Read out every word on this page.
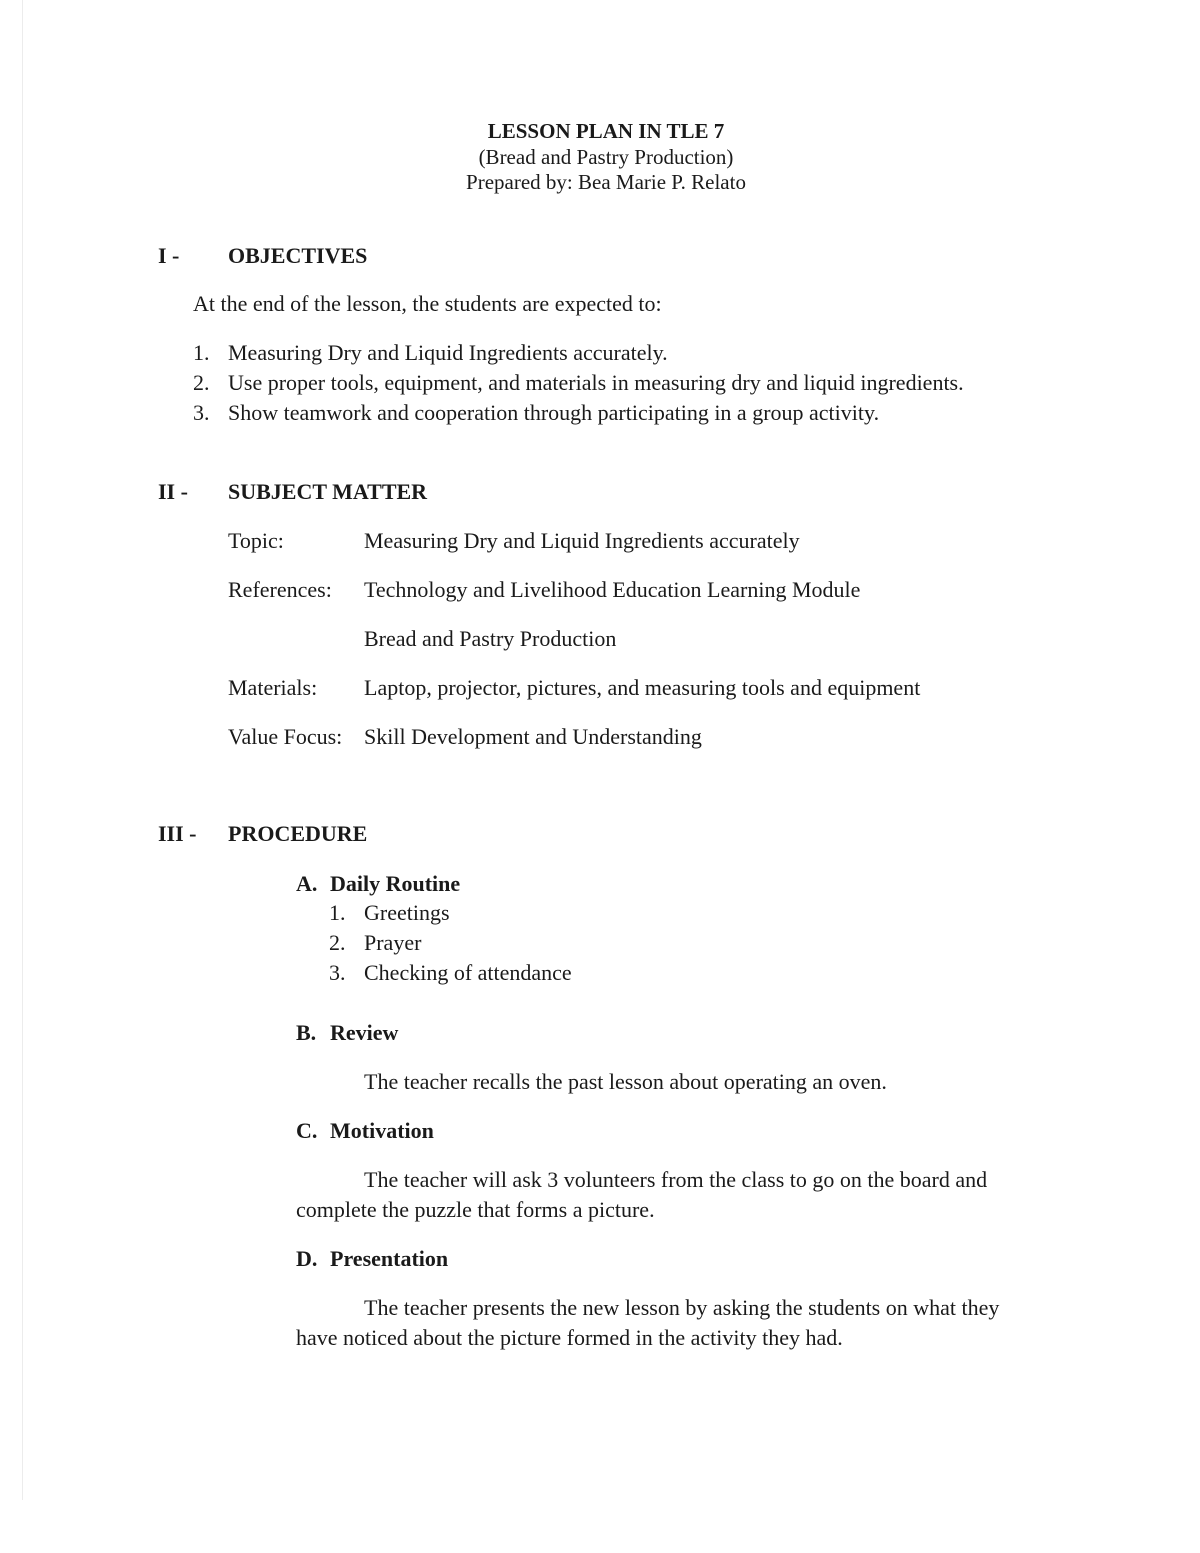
LESSON PLAN IN TLE 7
(Bread and Pastry Production)
Prepared by: Bea Marie P. Relato
I - OBJECTIVES
At the end of the lesson, the students are expected to:
1. Measuring Dry and Liquid Ingredients accurately.
2. Use proper tools, equipment, and materials in measuring dry and liquid ingredients.
3. Show teamwork and cooperation through participating in a group activity.
II - SUBJECT MATTER
Topic:	Measuring Dry and Liquid Ingredients accurately
References: Technology and Livelihood Education Learning Module
Bread and Pastry Production
Materials: Laptop, projector, pictures, and measuring tools and equipment
Value Focus: Skill Development and Understanding
III - PROCEDURE
A. Daily Routine
1. Greetings
2. Prayer
3. Checking of attendance
B. Review
The teacher recalls the past lesson about operating an oven.
C. Motivation
The teacher will ask 3 volunteers from the class to go on the board and
complete the puzzle that forms a picture.
D. Presentation
The teacher presents the new lesson by asking the students on what they
have noticed about the picture formed in the activity they had.
